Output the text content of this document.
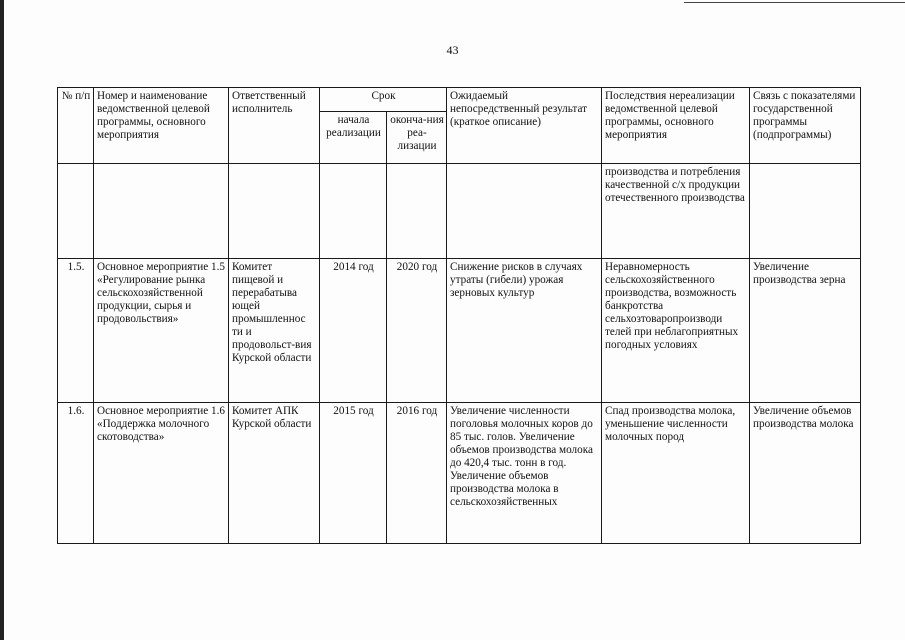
43
№ п/п	Номер и наименование ведомственной целевой программы, основного мероприятия	Ответственный исполнитель	Срок		Ожидаемый непосредственный результат (краткое описание)	Последствия нереализации ведомственной целевой программы, основного мероприятия	Связь с показателями государственной программы (подпрограммы)
			начала реализации	оконча-ния реа-лизации			
						производства и потребления качественной с/х продукции отечественного производства	
1.5.	Основное мероприятие 1.5 «Регулирование рынка сельскохозяйственной продукции, сырья и продовольствия»	Комитет пищевой и перерабатыва ющей промышленнос ти и продовольст-вия Курской области	2014 год	2020 год	Снижение рисков в случаях утраты (гибели) урожая зерновых культур	Неравномерность сельскохозяйственного производства, возможность банкротства сельхозтоваропроизводи телей при неблагоприятных погодных условиях	Увеличение производства зерна
1.6.	Основное мероприятие 1.6 «Поддержка молочного скотоводства»	Комитет АПК Курской области	2015 год	2016 год	Увеличение численности поголовья молочных коров до 85 тыс. голов. Увеличение объемов производства молока до 420,4 тыс. тонн в год. Увеличение объемов производства молока в сельскохозяйственных	Спад производства молока, уменьшение численности молочных пород	Увеличение объемов производства молока
